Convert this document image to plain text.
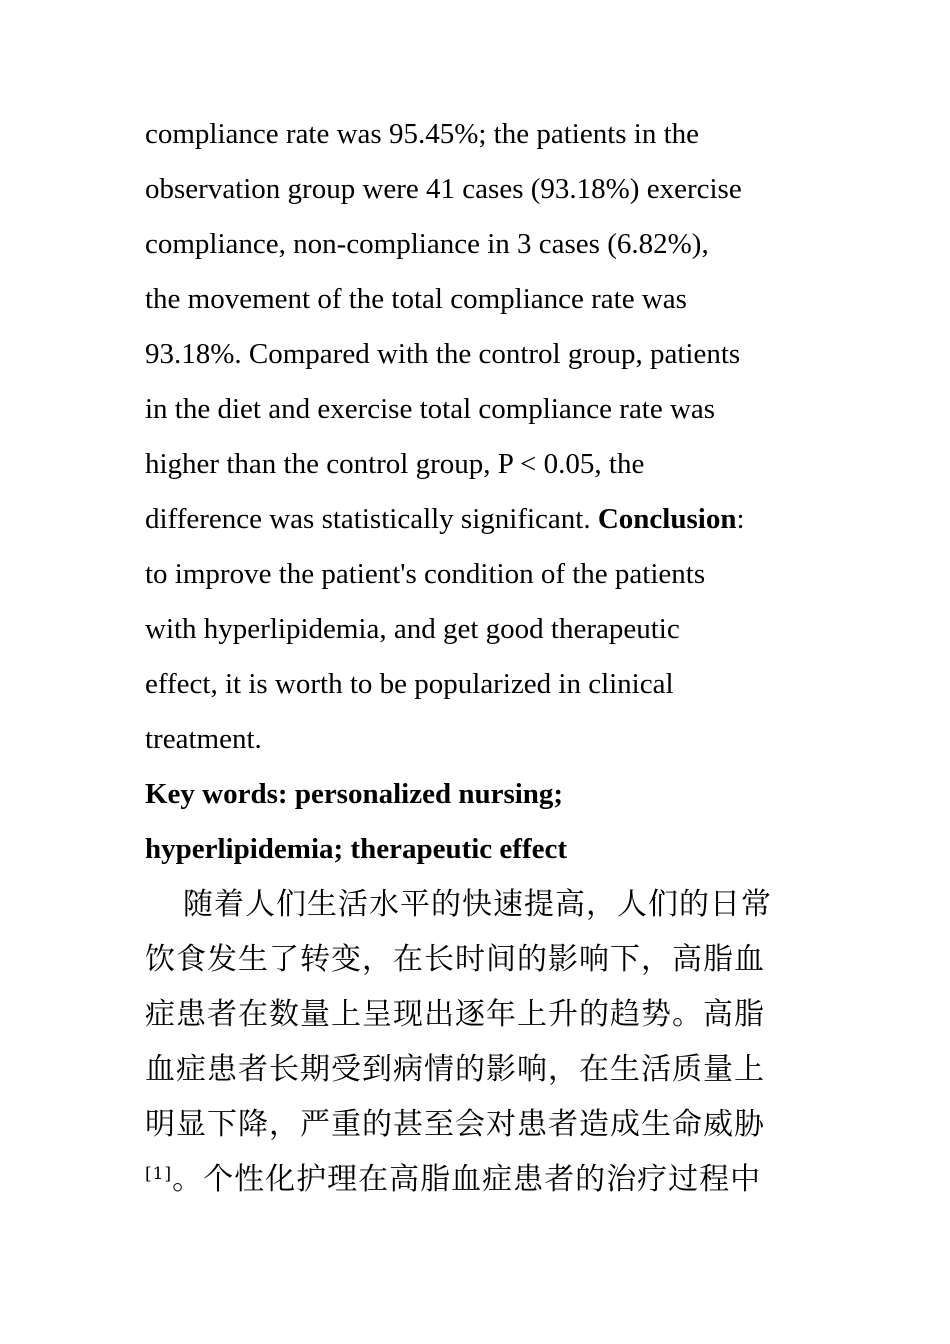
compliance rate was 95.45%; the patients in the
observation group were 41 cases (93.18%) exercise
compliance, non-compliance in 3 cases (6.82%),
the movement of the total compliance rate was
93.18%. Compared with the control group, patients
in the diet and exercise total compliance rate was
higher than the control group, P < 0.05, the
difference was statistically significant. Conclusion:
to improve the patient's condition of the patients
with hyperlipidemia, and get good therapeutic
effect, it is worth to be popularized in clinical
treatment.

Key words: personalized nursing;
hyperlipidemia; therapeutic effect

随着人们生活水平的快速提高，人们的日常
饮食发生了转变，在长时间的影响下，高脂血
症患者在数量上呈现出逐年上升的趋势。高脂
血症患者长期受到病情的影响，在生活质量上
明显下降，严重的甚至会对患者造成生命威胁
[1]。个性化护理在高脂血症患者的治疗过程中
